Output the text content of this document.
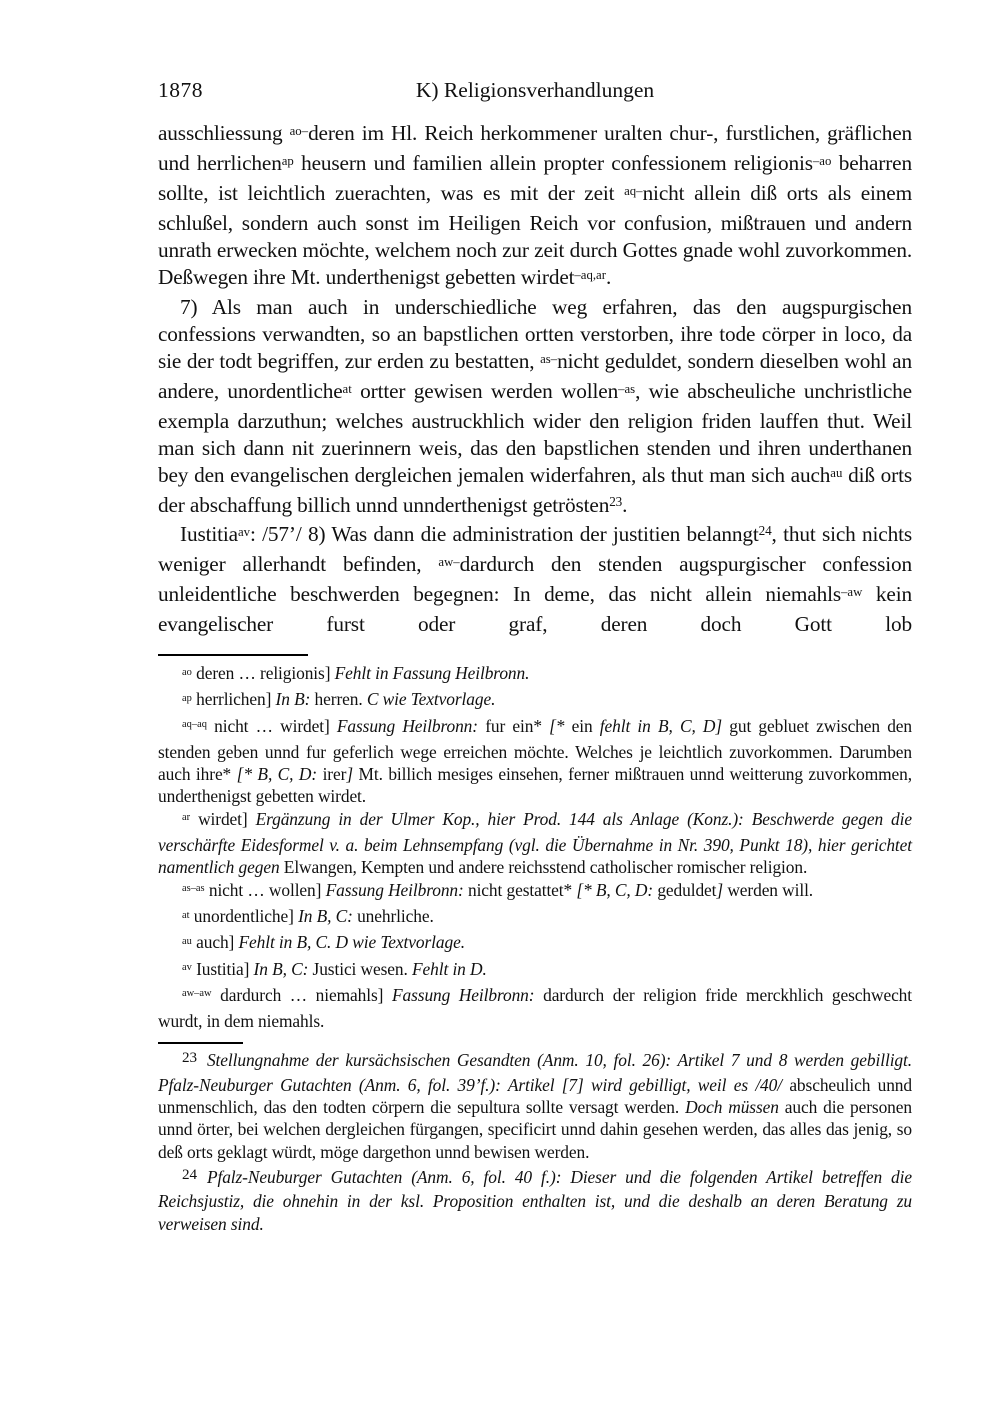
1878	K) Religionsverhandlungen

ausschliessung $^{ao-}$deren im Hl. Reich herkommener uralten chur-, furstlichen, gräflichen und herrlichen$^{ap}$ heusern und familien allein propter confessionem religionis$^{-ao}$ beharren sollte, ist leichtlich zuerachten, was es mit der zeit $^{aq-}$nicht allein diß orts als einem schlußel, sondern auch sonst im Heiligen Reich vor confusion, mißtrauen und andern unrath erwecken möchte, welchem noch zur zeit durch Gottes gnade wohl zuvorkommen. Deßwegen ihre Mt. underthenigst gebetten wirdet$^{-aq,ar}$.

7) Als man auch in underschiedliche weg erfahren, das den augspurgischen confessions verwandten, so an bapstlichen ortten verstorben, ihre tode cörper in loco, da sie der todt begriffen, zur erden zu bestatten, $^{as-}$nicht geduldet, sondern dieselben wohl an andere, unordentliche$^{at}$ ortter gewisen werden wollen$^{-as}$, wie abscheuliche unchristliche exempla darzuthun; welches austruckhlich wider den religion friden lauffen thut. Weil man sich dann nit zuerinnern weis, das den bapstlichen stenden und ihren underthanen bey den evangelischen dergleichen jemalen widerfahren, als thut man sich auch$^{au}$ diß orts der abschaffung billich unnd unnderthenigst getrösten$^{23}$.

Iustitia$^{av}$: /57’/ 8) Was dann die administration der justitien belanngt$^{24}$, thut sich nichts weniger allerhandt befinden, $^{aw-}$dardurch den stenden augspurgischer confession unleidentliche beschwerden begegnen: In deme, das nicht allein niemahls$^{-aw}$ kein evangelischer furst oder graf, deren doch Gott lob

$^{ao}$ deren … religionis] Fehlt in Fassung Heilbronn.
$^{ap}$ herrlichen] In B: herren. C wie Textvorlage.
$^{aq-aq}$ nicht … wirdet] Fassung Heilbronn: fur ein* [* ein fehlt in B, C, D] gut gebluet zwischen den stenden geben unnd fur geferlich wege erreichen möchte. Welches je leichtlich zuvorkommen. Darumben auch ihre* [* B, C, D: irer] Mt. billich mesiges einsehen, ferner mißtrauen unnd weitterung zuvorkommen, underthenigst gebetten wirdet.
$^{ar}$ wirdet] Ergänzung in der Ulmer Kop., hier Prod. 144 als Anlage (Konz.): Beschwerde gegen die verschärfte Eidesformel v. a. beim Lehnsempfang (vgl. die Übernahme in Nr. 390, Punkt 18), hier gerichtet namentlich gegen Elwangen, Kempten und andere reichsstend catholischer romischer religion.
$^{as-as}$ nicht … wollen] Fassung Heilbronn: nicht gestattet* [* B, C, D: geduldet] werden will.
$^{at}$ unordentliche] In B, C: unehrliche.
$^{au}$ auch] Fehlt in B, C. D wie Textvorlage.
$^{av}$ Iustitia] In B, C: Justici wesen. Fehlt in D.
$^{aw-aw}$ dardurch … niemahls] Fassung Heilbronn: dardurch der religion fride merckhlich geschwecht wurdt, in dem niemahls.
23 Stellungnahme der kursächsischen Gesandten (Anm. 10, fol. 26): Artikel 7 und 8 werden gebilligt. Pfalz-Neuburger Gutachten (Anm. 6, fol. 39’f.): Artikel [7] wird gebilligt, weil es /40/ abscheulich unnd unmenschlich, das den todten cörpern die sepultura sollte versagt werden. Doch müssen auch die personen unnd örter, bei welchen dergleichen fürgangen, specificirt unnd dahin gesehen werden, das alles das jenig, so deß orts geklagt würdt, möge dargethon unnd bewisen werden.
24 Pfalz-Neuburger Gutachten (Anm. 6, fol. 40 f.): Dieser und die folgenden Artikel betreffen die Reichsjustiz, die ohnehin in der ksl. Proposition enthalten ist, und die deshalb an deren Beratung zu verweisen sind.
